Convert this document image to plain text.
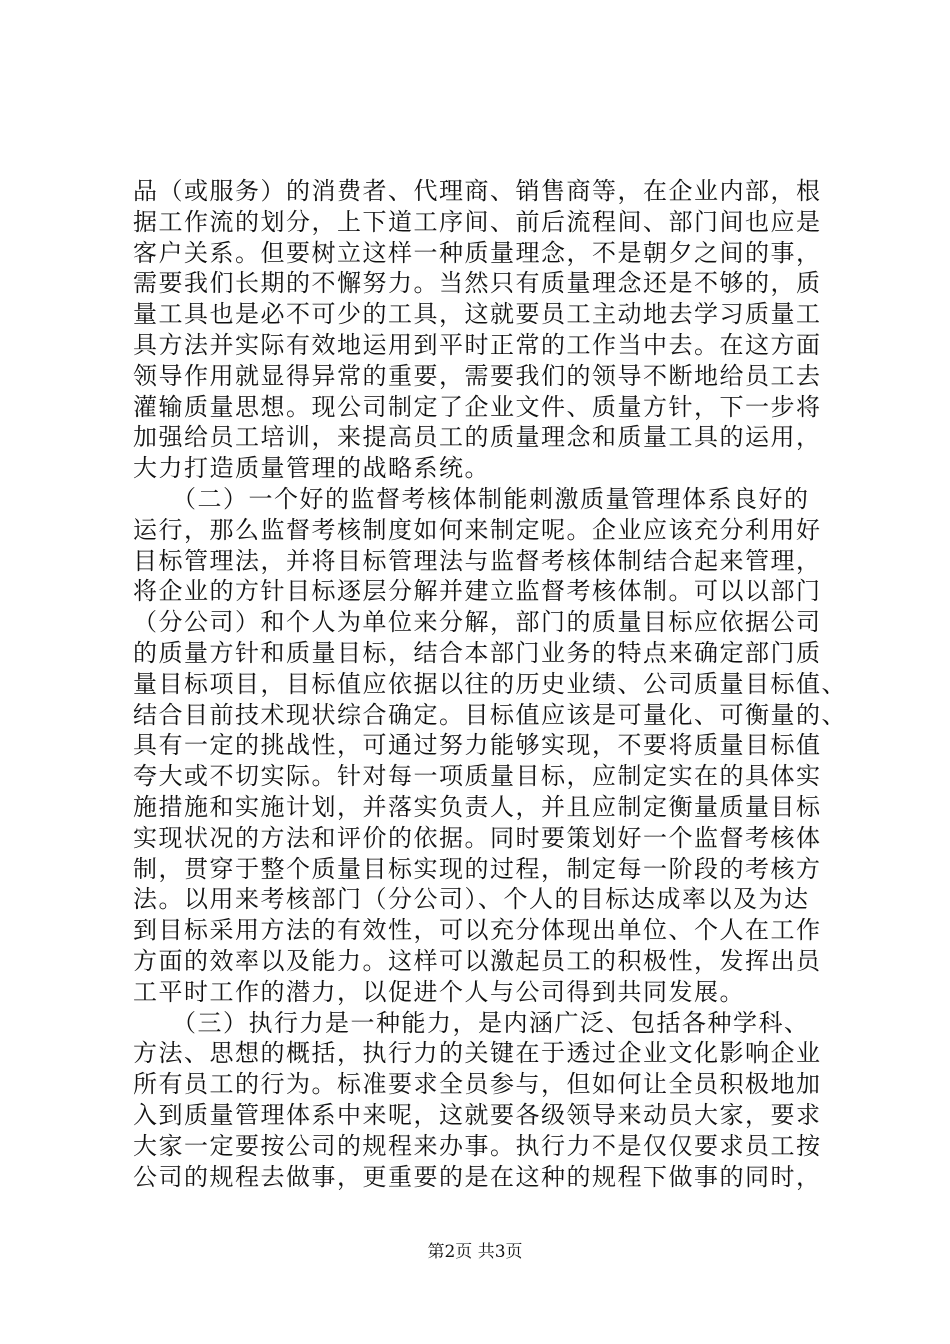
品（或服务）的消费者、代理商、销售商等，在企业内部，根
据工作流的划分，上下道工序间、前后流程间、部门间也应是
客户关系。但要树立这样一种质量理念，不是朝夕之间的事，
需要我们长期的不懈努力。当然只有质量理念还是不够的，质
量工具也是必不可少的工具，这就要员工主动地去学习质量工
具方法并实际有效地运用到平时正常的工作当中去。在这方面
领导作用就显得异常的重要，需要我们的领导不断地给员工去
灌输质量思想。现公司制定了企业文件、质量方针，下一步将
加强给员工培训，来提高员工的质量理念和质量工具的运用，
大力打造质量管理的战略系统。
　　（二）一个好的监督考核体制能刺激质量管理体系良好的
运行，那么监督考核制度如何来制定呢。企业应该充分利用好
目标管理法，并将目标管理法与监督考核体制结合起来管理，
将企业的方针目标逐层分解并建立监督考核体制。可以以部门
（分公司）和个人为单位来分解，部门的质量目标应依据公司
的质量方针和质量目标，结合本部门业务的特点来确定部门质
量目标项目，目标值应依据以往的历史业绩、公司质量目标值、
结合目前技术现状综合确定。目标值应该是可量化、可衡量的、
具有一定的挑战性，可通过努力能够实现，不要将质量目标值
夸大或不切实际。针对每一项质量目标，应制定实在的具体实
施措施和实施计划，并落实负责人，并且应制定衡量质量目标
实现状况的方法和评价的依据。同时要策划好一个监督考核体
制，贯穿于整个质量目标实现的过程，制定每一阶段的考核方
法。以用来考核部门（分公司）、个人的目标达成率以及为达
到目标采用方法的有效性，可以充分体现出单位、个人在工作
方面的效率以及能力。这样可以激起员工的积极性，发挥出员
工平时工作的潜力，以促进个人与公司得到共同发展。
　　（三）执行力是一种能力，是内涵广泛、包括各种学科、
方法、思想的概括，执行力的关键在于透过企业文化影响企业
所有员工的行为。标准要求全员参与，但如何让全员积极地加
入到质量管理体系中来呢，这就要各级领导来动员大家，要求
大家一定要按公司的规程来办事。执行力不是仅仅要求员工按
公司的规程去做事，更重要的是在这种的规程下做事的同时，
第2页 共3页
